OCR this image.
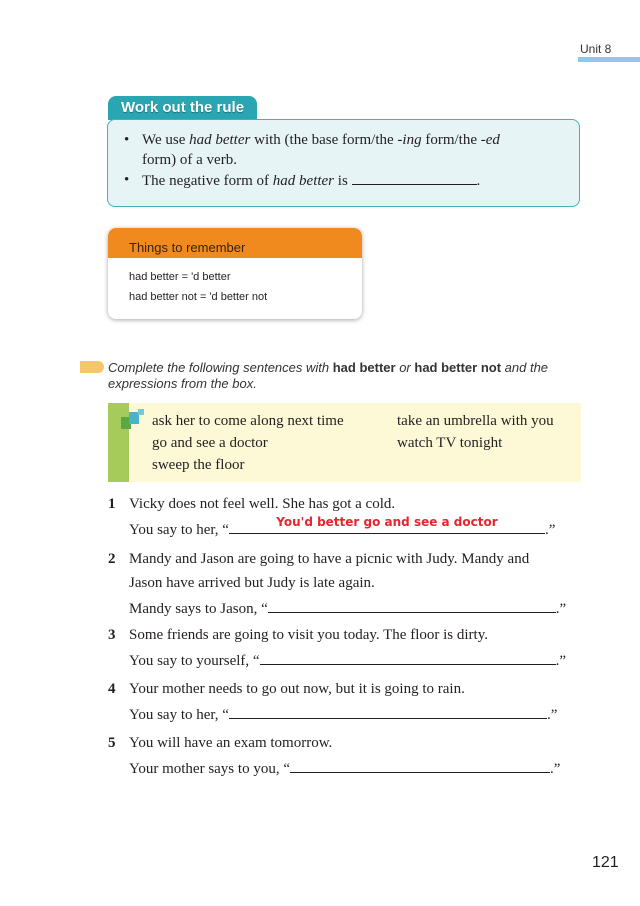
Unit 8
Work out the rule
• We use had better with (the base form/the -ing form/the -ed
form) of a verb.
• The negative form of had better is	.
Things to remember
had better = 'd better
had better not = 'd better not
Complete the following sentences with had better or had better not and the
expressions from the box.
ask her to come along next time	take an umbrella with you
go and see a doctor	watch TV tonight
sweep the floor
1 Vicky does not feel well. She has got a cold.
You say to her, “	You'd better go and see a doctor	.”
2 Mandy and Jason are going to have a picnic with Judy. Mandy and
Jason have arrived but Judy is late again.
Mandy says to Jason, “	.”
3 Some friends are going to visit you today. The floor is dirty.
You say to yourself, “	.”
4 Your mother needs to go out now, but it is going to rain.
You say to her, “	.”
5 You will have an exam tomorrow.
Your mother says to you, “	.”
121
